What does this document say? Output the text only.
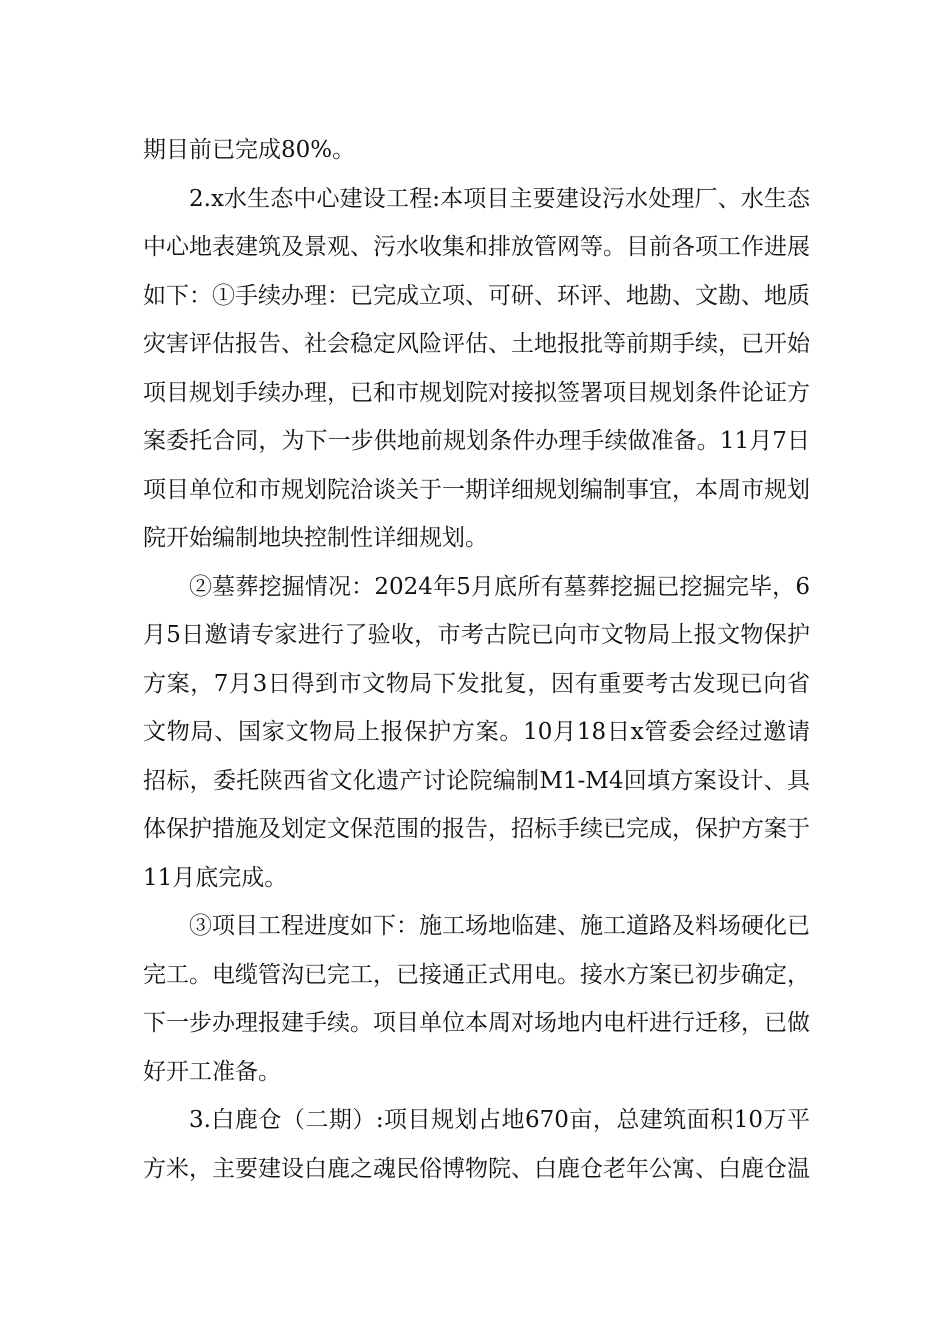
期目前已完成80%。

2.x水生态中心建设工程:本项目主要建设污水处理厂、水生态中心地表建筑及景观、污水收集和排放管网等。目前各项工作进展如下：①手续办理：已完成立项、可研、环评、地勘、文勘、地质灾害评估报告、社会稳定风险评估、土地报批等前期手续，已开始项目规划手续办理，已和市规划院对接拟签署项目规划条件论证方案委托合同，为下一步供地前规划条件办理手续做准备。11月7日项目单位和市规划院洽谈关于一期详细规划编制事宜，本周市规划院开始编制地块控制性详细规划。

②墓葬挖掘情况：2024年5月底所有墓葬挖掘已挖掘完毕，6月5日邀请专家进行了验收，市考古院已向市文物局上报文物保护方案，7月3日得到市文物局下发批复，因有重要考古发现已向省文物局、国家文物局上报保护方案。10月18日x管委会经过邀请招标，委托陕西省文化遗产讨论院编制M1-M4回填方案设计、具体保护措施及划定文保范围的报告，招标手续已完成，保护方案于11月底完成。

③项目工程进度如下：施工场地临建、施工道路及料场硬化已完工。电缆管沟已完工，已接通正式用电。接水方案已初步确定，下一步办理报建手续。项目单位本周对场地内电杆进行迁移，已做好开工准备。

3.白鹿仓（二期）:项目规划占地670亩，总建筑面积10万平方米，主要建设白鹿之魂民俗博物院、白鹿仓老年公寓、白鹿仓温
